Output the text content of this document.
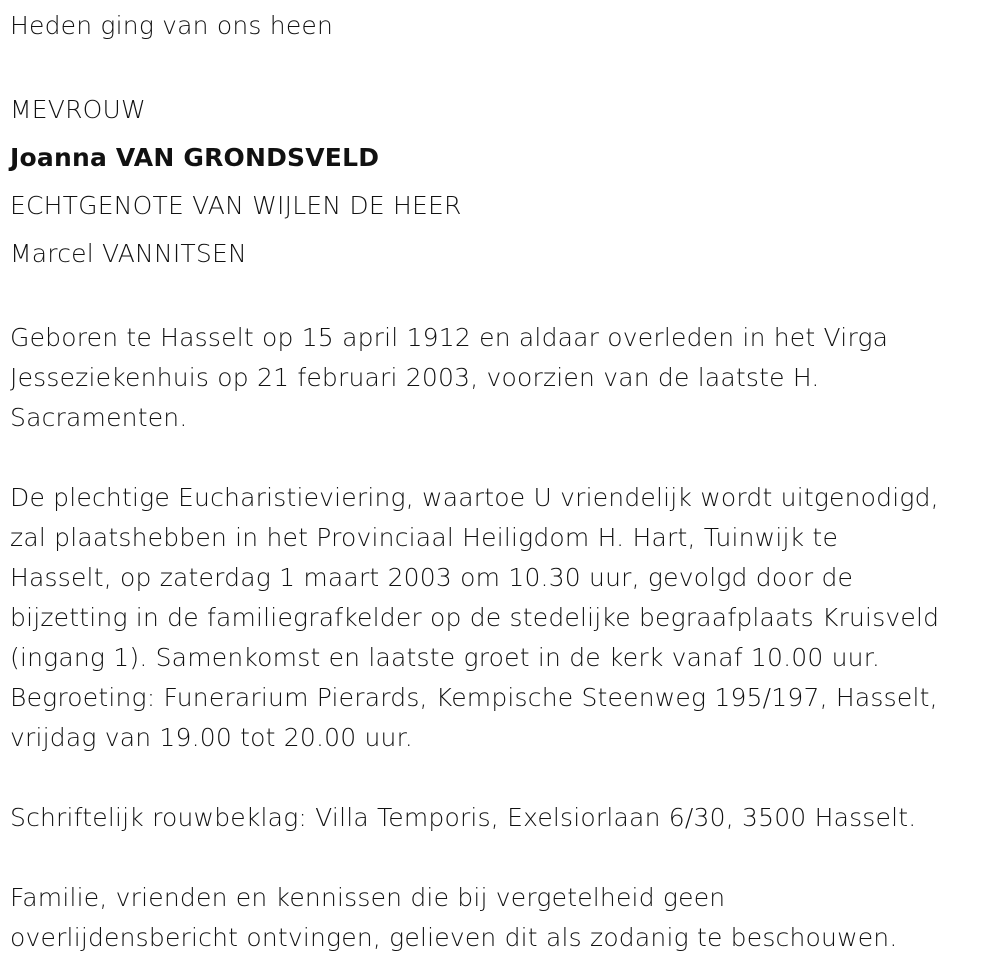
Heden ging van ons heen
MEVROUW
Joanna VAN GRONDSVELD
ECHTGENOTE VAN WIJLEN DE HEER
Marcel VANNITSEN
Geboren te Hasselt op 15 april 1912 en aldaar overleden in het Virga
Jesseziekenhuis op 21 februari 2003, voorzien van de laatste H.
Sacramenten.
De plechtige Eucharistieviering, waartoe U vriendelijk wordt uitgenodigd,
zal plaatshebben in het Provinciaal Heiligdom H. Hart, Tuinwijk te
Hasselt, op zaterdag 1 maart 2003 om 10.30 uur, gevolgd door de
bijzetting in de familiegrafkelder op de stedelijke begraafplaats Kruisveld
(ingang 1). Samenkomst en laatste groet in de kerk vanaf 10.00 uur.
Begroeting: Funerarium Pierards, Kempische Steenweg 195/197, Hasselt,
vrijdag van 19.00 tot 20.00 uur.
Schriftelijk rouwbeklag: Villa Temporis, Exelsiorlaan 6/30, 3500 Hasselt.
Familie, vrienden en kennissen die bij vergetelheid geen
overlijdensbericht ontvingen, gelieven dit als zodanig te beschouwen.
